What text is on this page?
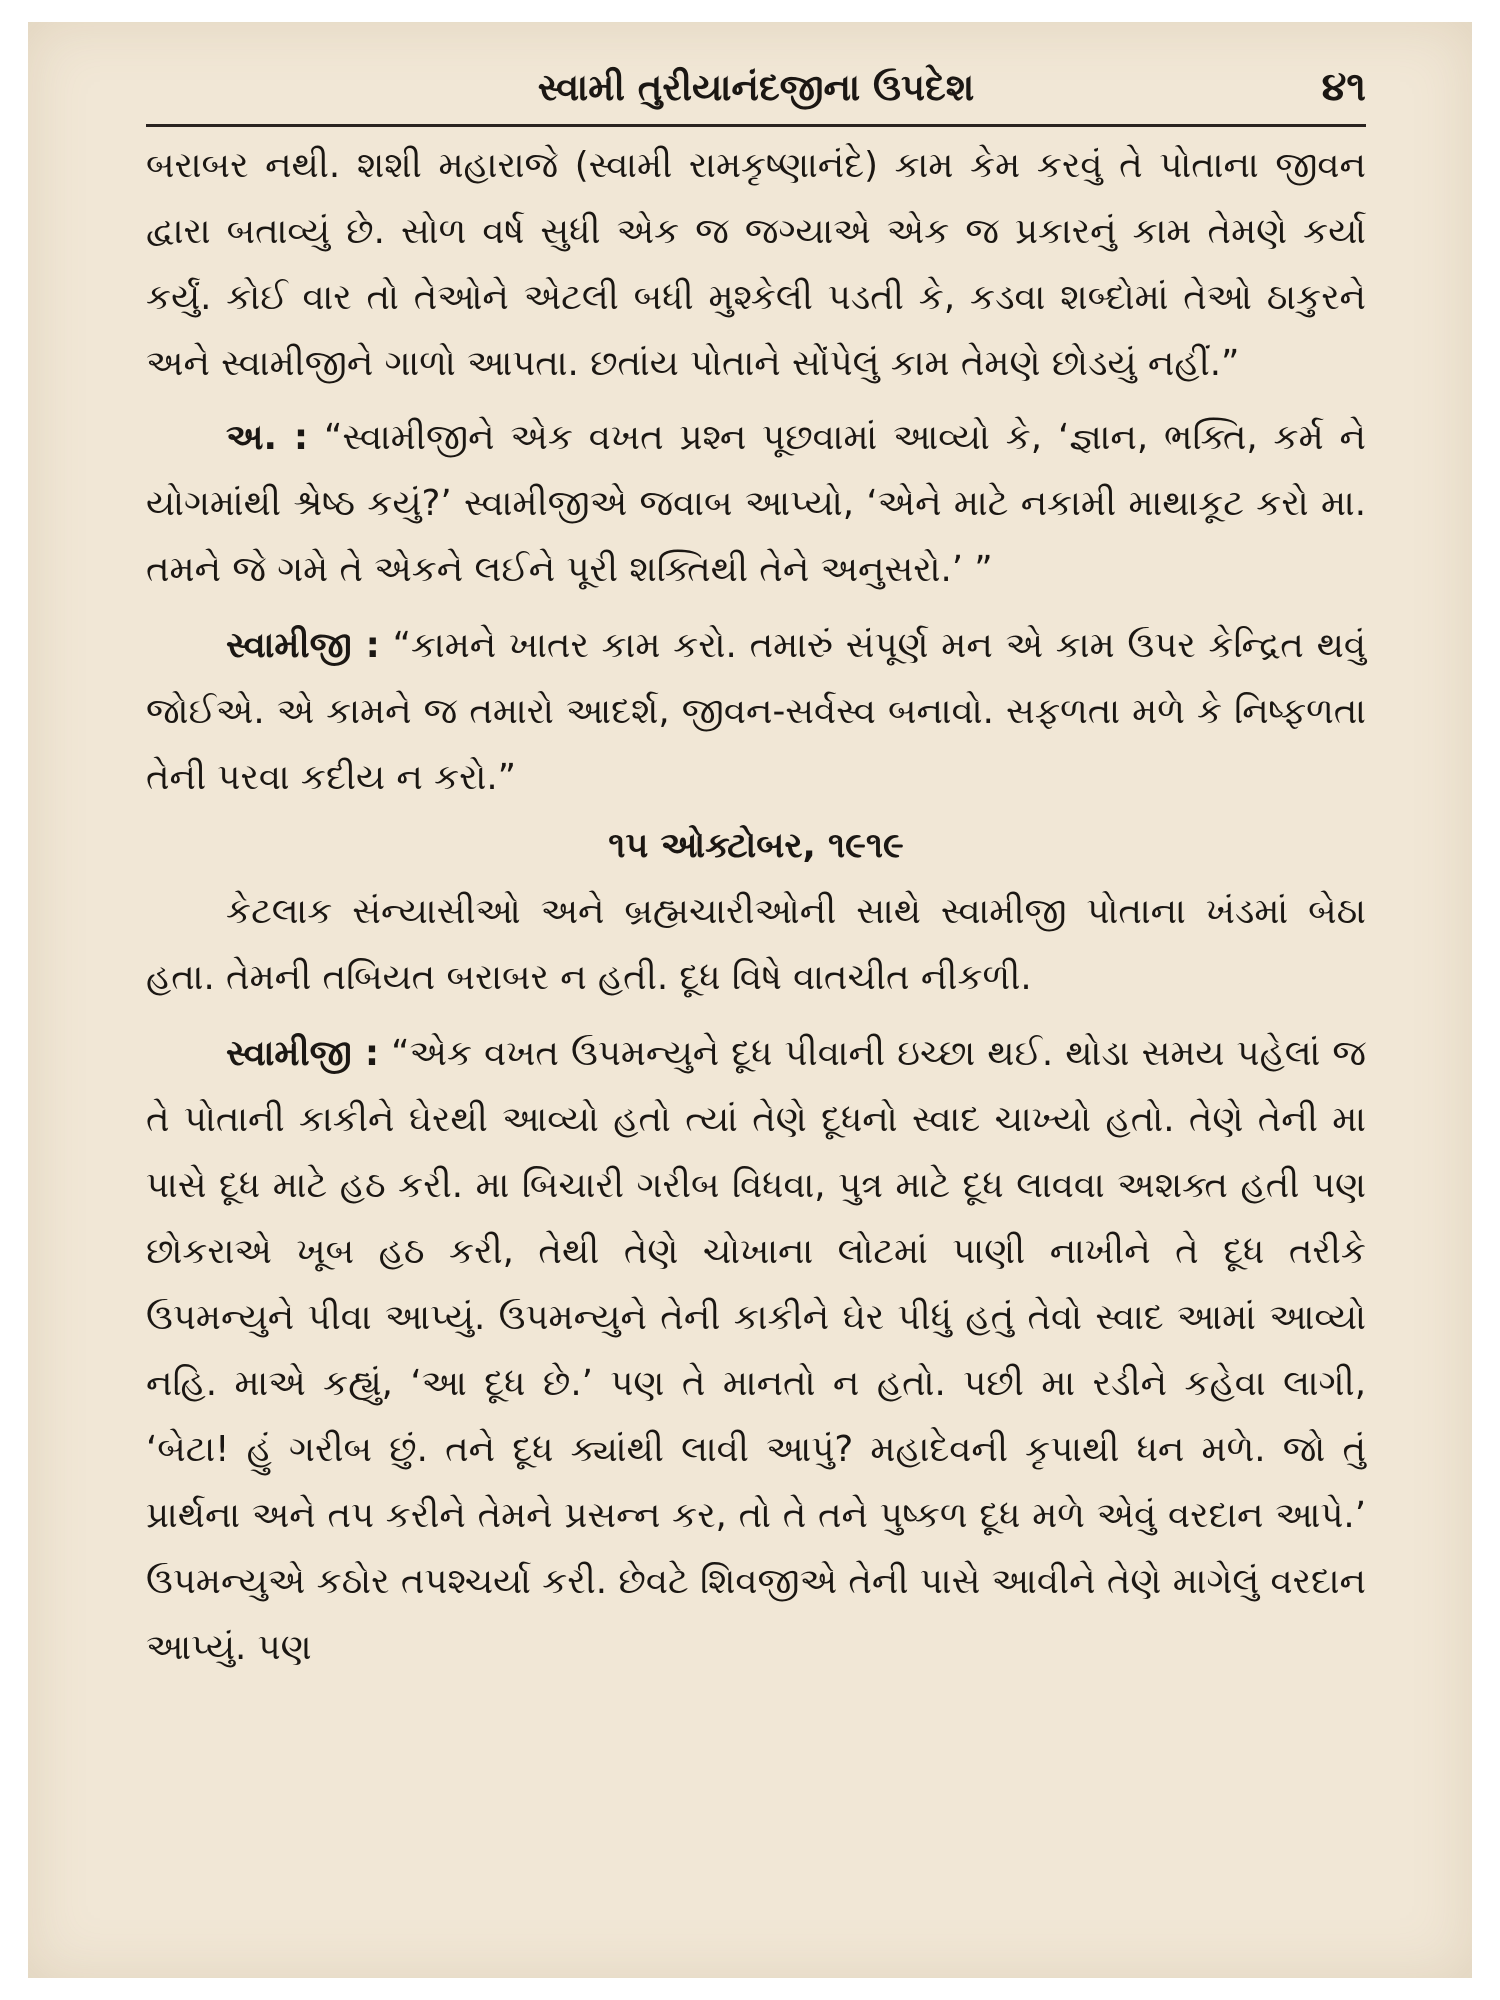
સ્વામી તુરીયાનંદજીના ઉપદેશ	૪૧

બરાબર નથી. શશી મહારાજે (સ્વામી રામકૃષ્ણાનંદે) કામ કેમ કરવું તે પોતાના જીવન દ્વારા બતાવ્યું છે. સોળ વર્ષ સુધી એક જ જગ્યાએ એક જ પ્રકારનું કામ તેમણે કર્યા કર્યું. કોઈ વાર તો તેઓને એટલી બધી મુશ્કેલી પડતી કે, કડવા શબ્દોમાં તેઓ ઠાકુરને અને સ્વામીજીને ગાળો આપતા. છતાંય પોતાને સોંપેલું કામ તેમણે છોડયું નહીં.”

અ. : “સ્વામીજીને એક વખત પ્રશ્ન પૂછવામાં આવ્યો કે, ‘જ્ઞાન, ભક્તિ, કર્મ ને યોગમાંથી શ્રેષ્ઠ કયું?’ સ્વામીજીએ જવાબ આપ્યો, ‘એને માટે નકામી માથાકૂટ કરો મા. તમને જે ગમે તે એકને લઈને પૂરી શક્તિથી તેને અનુસરો.’ ”

સ્વામીજી : “કામને ખાતર કામ કરો. તમારું સંપૂર્ણ મન એ કામ ઉપર કેન્દ્રિત થવું જોઈએ. એ કામને જ તમારો આદર્શ, જીવન-સર્વસ્વ બનાવો. સફળતા મળે કે નિષ્ફળતા તેની પરવા કદીય ન કરો.”

૧૫ ઓક્ટોબર, ૧૯૧૯

કેટલાક સંન્યાસીઓ અને બ્રહ્મચારીઓની સાથે સ્વામીજી પોતાના ખંડમાં બેઠા હતા. તેમની તબિયત બરાબર ન હતી. દૂધ વિષે વાતચીત નીકળી.

સ્વામીજી : “એક વખત ઉપમન્યુને દૂધ પીવાની ઇચ્છા થઈ. થોડા સમય પહેલાં જ તે પોતાની કાકીને ઘેરથી આવ્યો હતો ત્યાં તેણે દૂધનો સ્વાદ ચાખ્યો હતો. તેણે તેની મા પાસે દૂધ માટે હઠ કરી. મા બિચારી ગરીબ વિધવા, પુત્ર માટે દૂધ લાવવા અશક્ત હતી પણ છોકરાએ ખૂબ હઠ કરી, તેથી તેણે ચોખાના લોટમાં પાણી નાખીને તે દૂધ તરીકે ઉપમન્યુને પીવા આપ્યું. ઉપમન્યુને તેની કાકીને ઘેર પીધું હતું તેવો સ્વાદ આમાં આવ્યો નહિ. માએ કહ્યું, ‘આ દૂધ છે.’ પણ તે માનતો ન હતો. પછી મા રડીને કહેવા લાગી, ‘બેટા! હું ગરીબ છું. તને દૂધ ક્યાંથી લાવી આપું? મહાદેવની કૃપાથી ધન મળે. જો તું પ્રાર્થના અને તપ કરીને તેમને પ્રસન્ન કર, તો તે તને પુષ્કળ દૂધ મળે એવું વરદાન આપે.’ ઉપમન્યુએ કઠોર તપશ્ચર્યા કરી. છેવટે શિવજીએ તેની પાસે આવીને તેણે માગેલું વરદાન આપ્યું. પણ
